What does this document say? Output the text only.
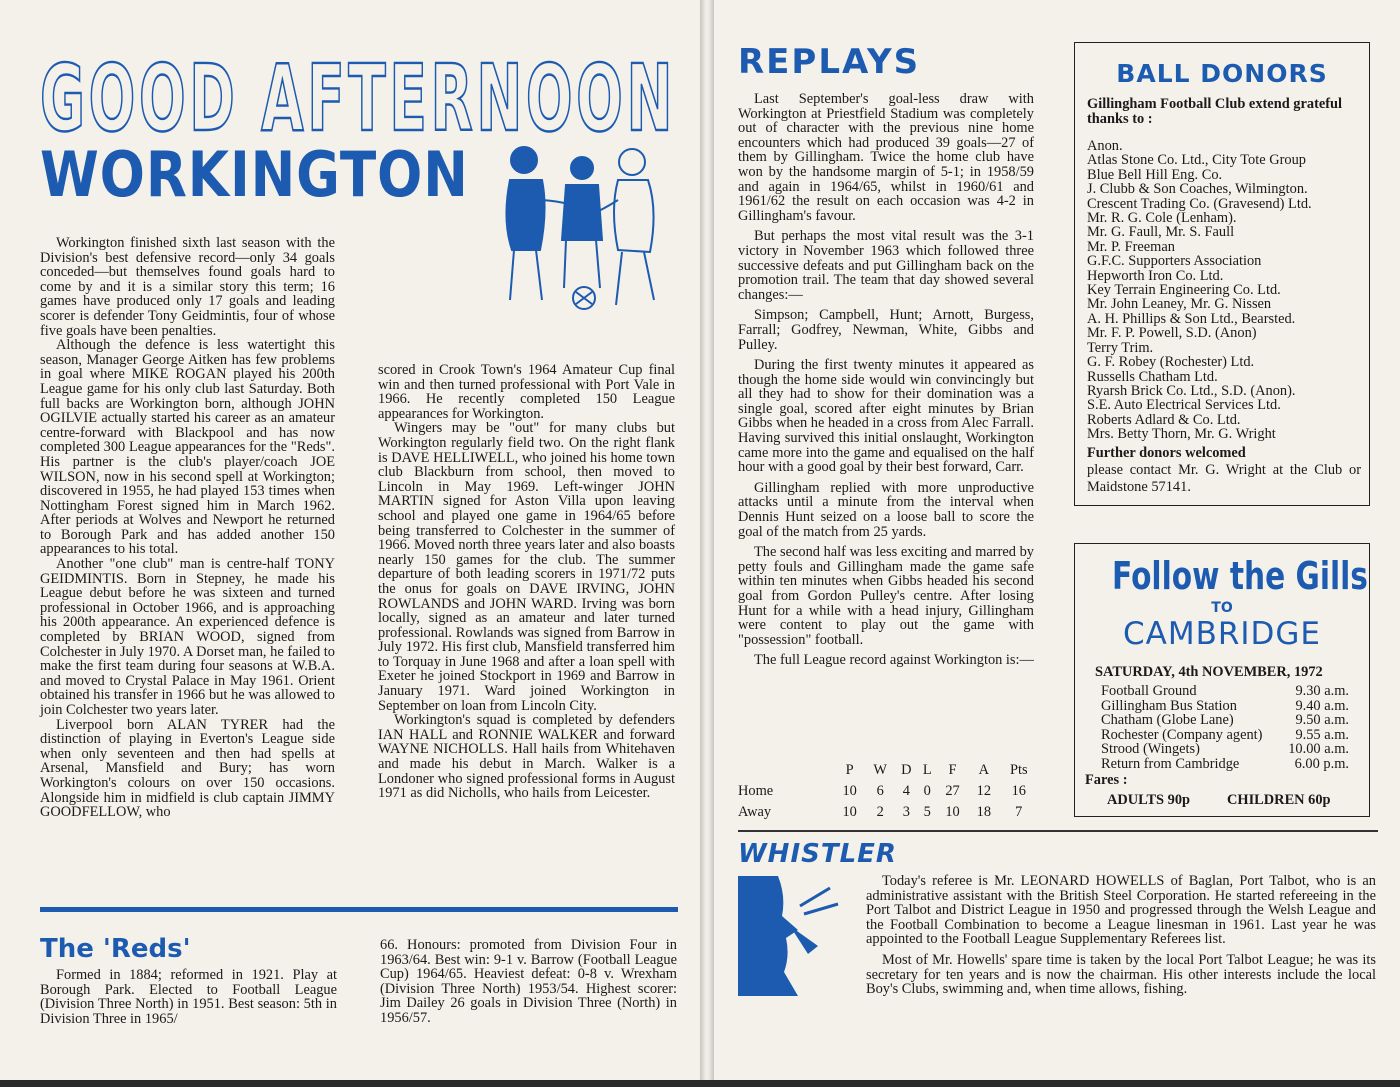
GOOD AFTERNOON
WORKINGTON

Workington finished sixth last season with the Division's best defensive record—only 34 goals conceded—but themselves found goals hard to come by and it is a similar story this term; 16 games have produced only 17 goals and leading scorer is defender Tony Geidmintis, four of whose five goals have been penalties.

Although the defence is less watertight this season, Manager George Aitken has few problems in goal where MIKE ROGAN played his 200th League game for his only club last Saturday. Both full backs are Workington born, although JOHN OGILVIE actually started his career as an amateur centre-forward with Blackpool and has now completed 300 League appearances for the "Reds". His partner is the club's player/coach JOE WILSON, now in his second spell at Workington; discovered in 1955, he had played 153 times when Nottingham Forest signed him in March 1962. After periods at Wolves and Newport he returned to Borough Park and has added another 150 appearances to his total.

Another "one club" man is centre-half TONY GEIDMINTIS. Born in Stepney, he made his League debut before he was sixteen and turned professional in October 1966, and is approaching his 200th appearance. An experienced defence is completed by BRIAN WOOD, signed from Colchester in July 1970. A Dorset man, he failed to make the first team during four seasons at W.B.A. and moved to Crystal Palace in May 1961. Orient obtained his transfer in 1966 but he was allowed to join Colchester two years later.

Liverpool born ALAN TYRER had the distinction of playing in Everton's League side when only seventeen and then had spells at Arsenal, Mansfield and Bury; has worn Workington's colours on over 150 occasions. Alongside him in midfield is club captain JIMMY GOODFELLOW, who

scored in Crook Town's 1964 Amateur Cup final win and then turned professional with Port Vale in 1966. He recently completed 150 League appearances for Workington.

Wingers may be "out" for many clubs but Workington regularly field two. On the right flank is DAVE HELLIWELL, who joined his home town club Blackburn from school, then moved to Lincoln in May 1969. Left-winger JOHN MARTIN signed for Aston Villa upon leaving school and played one game in 1964/65 before being transferred to Colchester in the summer of 1966. Moved north three years later and also boasts nearly 150 games for the club. The summer departure of both leading scorers in 1971/72 puts the onus for goals on DAVE IRVING, JOHN ROWLANDS and JOHN WARD. Irving was born locally, signed as an amateur and later turned professional. Rowlands was signed from Barrow in July 1972. His first club, Mansfield transferred him to Torquay in June 1968 and after a loan spell with Exeter he joined Stockport in 1969 and Barrow in January 1971. Ward joined Workington in September on loan from Lincoln City.

Workington's squad is completed by defenders IAN HALL and RONNIE WALKER and forward WAYNE NICHOLLS. Hall hails from Whitehaven and made his debut in March. Walker is a Londoner who signed professional forms in August 1971 as did Nicholls, who hails from Leicester.

The 'Reds'

Formed in 1884; reformed in 1921. Play at Borough Park. Elected to Football League (Division Three North) in 1951. Best season: 5th in Division Three in 1965/

66. Honours: promoted from Division Four in 1963/64. Best win: 9-1 v. Barrow (Football League Cup) 1964/65. Heaviest defeat: 0-8 v. Wrexham (Division Three North) 1953/54. Highest scorer: Jim Dailey 26 goals in Division Three (North) in 1956/57.

REPLAYS

Last September's goal-less draw with Workington at Priestfield Stadium was completely out of character with the previous nine home encounters which had produced 39 goals—27 of them by Gillingham. Twice the home club have won by the handsome margin of 5-1; in 1958/59 and again in 1964/65, whilst in 1960/61 and 1961/62 the result on each occasion was 4-2 in Gillingham's favour.

But perhaps the most vital result was the 3-1 victory in November 1963 which followed three successive defeats and put Gillingham back on the promotion trail. The team that day showed several changes:—

Simpson; Campbell, Hunt; Arnott, Burgess, Farrall; Godfrey, Newman, White, Gibbs and Pulley.

During the first twenty minutes it appeared as though the home side would win convincingly but all they had to show for their domination was a single goal, scored after eight minutes by Brian Gibbs when he headed in a cross from Alec Farrall. Having survived this initial onslaught, Workington came more into the game and equalised on the half hour with a good goal by their best forward, Carr.

Gillingham replied with more unproductive attacks until a minute from the interval when Dennis Hunt seized on a loose ball to score the goal of the match from 25 yards.

The second half was less exciting and marred by petty fouls and Gillingham made the game safe within ten minutes when Gibbs headed his second goal from Gordon Pulley's centre. After losing Hunt for a while with a head injury, Gillingham were content to play out the game with "possession" football.

The full League record against Workington is:—

	P	W	D	L	F	A	Pts
Home	10	6	4	0	27	12	16
Away	10	2	3	5	10	18	7
BALL DONORS
Gillingham Football Club extend grateful thanks to :
Anon.
Atlas Stone Co. Ltd., City Tote Group
Blue Bell Hill Eng. Co.
J. Clubb & Son Coaches, Wilmington.
Crescent Trading Co. (Gravesend) Ltd.
Mr. R. G. Cole (Lenham).
Mr. G. Faull, Mr. S. Faull
Mr. P. Freeman
G.F.C. Supporters Association
Hepworth Iron Co. Ltd.
Key Terrain Engineering Co. Ltd.
Mr. John Leaney, Mr. G. Nissen
A. H. Phillips & Son Ltd., Bearsted.
Mr. F. P. Powell, S.D. (Anon)
Terry Trim.
G. F. Robey (Rochester) Ltd.
Russells Chatham Ltd.
Ryarsh Brick Co. Ltd., S.D. (Anon).
S.E. Auto Electrical Services Ltd.
Roberts Adlard & Co. Ltd.
Mrs. Betty Thorn, Mr. G. Wright
Further donors welcomed
please contact Mr. G. Wright at the Club or Maidstone 57141.
Follow the Gills
TO
CAMBRIDGE
SATURDAY, 4th NOVEMBER, 1972
Football Ground	9.30 a.m.
Gillingham Bus Station	9.40 a.m.
Chatham (Globe Lane)	9.50 a.m.
Rochester (Company agent)	9.55 a.m.
Strood (Wingets)	10.00 a.m.
Return from Cambridge	6.00 p.m.
Fares :
ADULTS 90p	CHILDREN 60p
WHISTLER

Today's referee is Mr. LEONARD HOWELLS of Baglan, Port Talbot, who is an administrative assistant with the British Steel Corporation. He started refereeing in the Port Talbot and District League in 1950 and progressed through the Welsh League and the Football Combination to become a League linesman in 1961. Last year he was appointed to the Football League Supplementary Referees list.

Most of Mr. Howells' spare time is taken by the local Port Talbot League; he was its secretary for ten years and is now the chairman. His other interests include the local Boy's Clubs, swimming and, when time allows, fishing.
